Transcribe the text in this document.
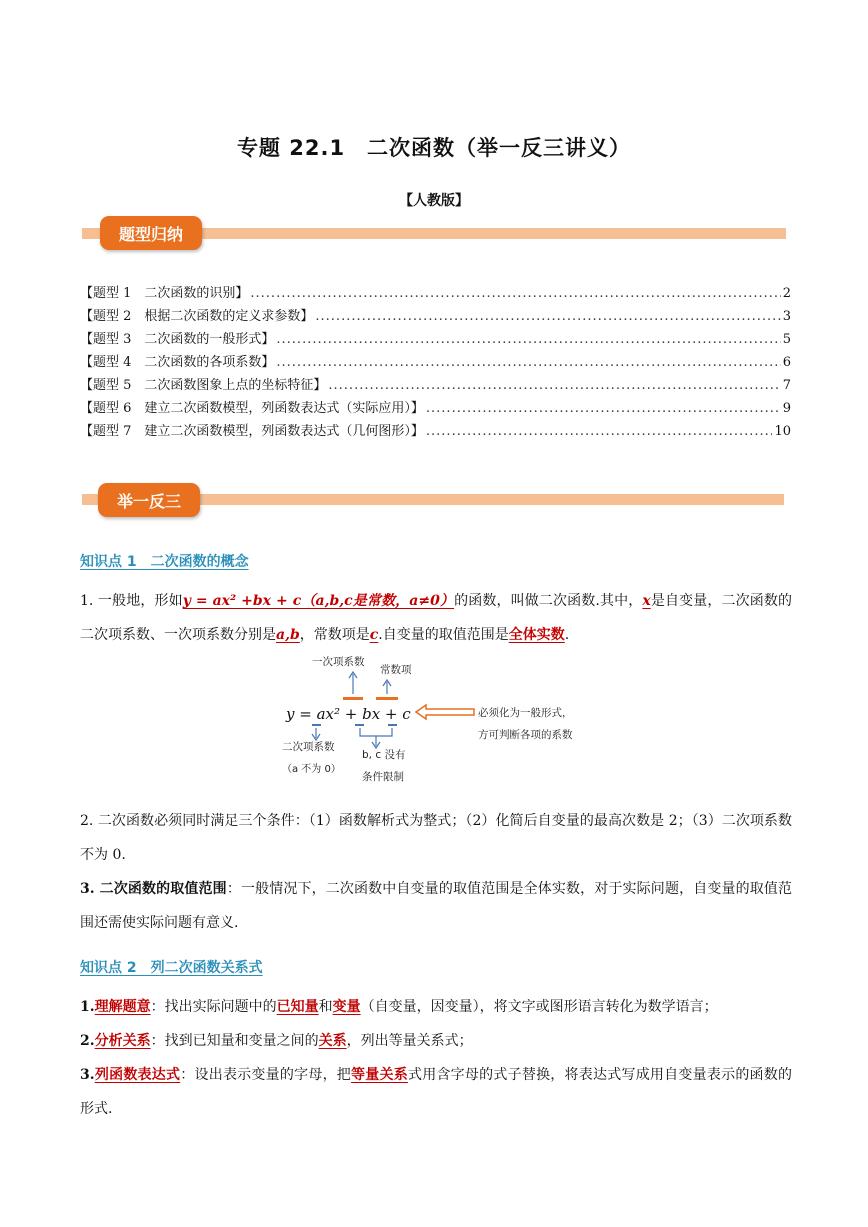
专题 22.1　二次函数（举一反三讲义）
【人教版】
题型归纳
【题型 1　二次函数的识别】 .....	2
【题型 2　根据二次函数的定义求参数】 .....	3
【题型 3　二次函数的一般形式】 .....	5
【题型 4　二次函数的各项系数】 .....	6
【题型 5　二次函数图象上点的坐标特征】 .....	7
【题型 6　建立二次函数模型，列函数表达式（实际应用）】 .....	9
【题型 7　建立二次函数模型，列函数表达式（几何图形）】 .....	10
举一反三
知识点 1　二次函数的概念
1. 一般地，形如y = ax² +bx + c（a,b,c是常数，a≠0）的函数，叫做二次函数.其中，x是自变量，二次函数的二次项系数、一次项系数分别是a,b，常数项是c.自变量的取值范围是全体实数.
y = ax² + bx + c
一次项系数
常数项
二次项系数
（a 不为 0）
b, c 没有
条件限制
必须化为一般形式，
方可判断各项的系数
2. 二次函数必须同时满足三个条件：（1）函数解析式为整式；（2）化简后自变量的最高次数是 2；（3）二次项系数不为 0.
3. 二次函数的取值范围：一般情况下，二次函数中自变量的取值范围是全体实数，对于实际问题，自变量的取值范围还需使实际问题有意义.
知识点 2　列二次函数关系式
1.理解题意：找出实际问题中的已知量和变量（自变量，因变量），将文字或图形语言转化为数学语言；
2.分析关系：找到已知量和变量之间的关系，列出等量关系式；
3.列函数表达式：设出表示变量的字母，把等量关系式用含字母的式子替换，将表达式写成用自变量表示的函数的形式.
